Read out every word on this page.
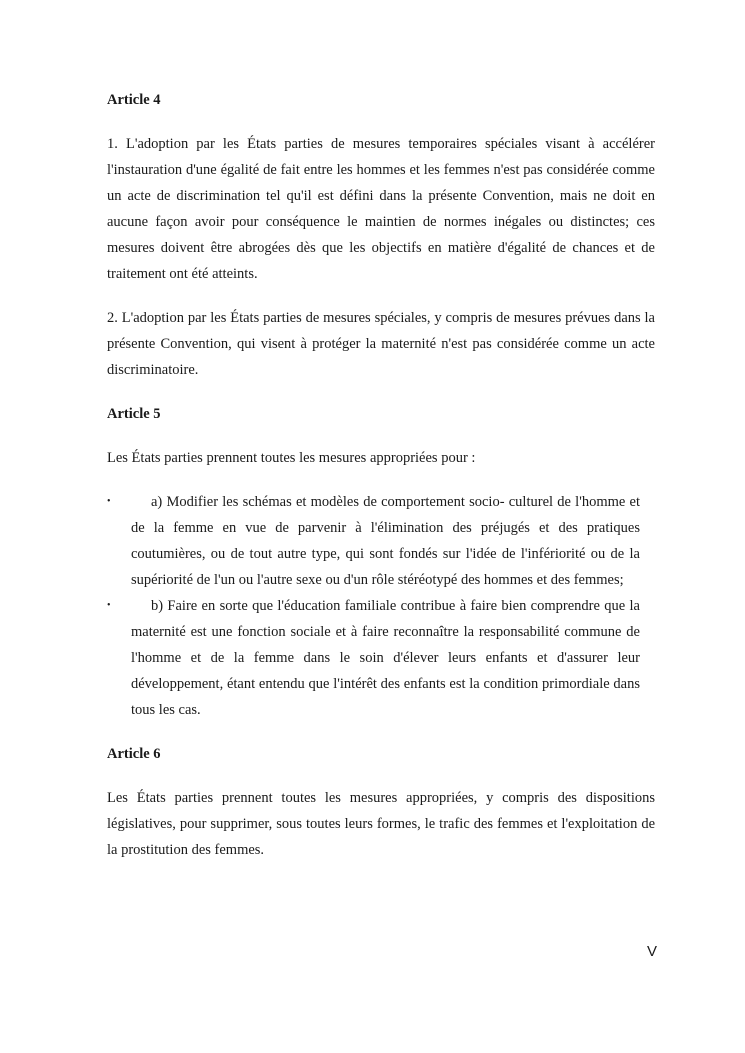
Article 4

1. L'adoption par les États parties de mesures temporaires spéciales visant à accélérer l'instauration d'une égalité de fait entre les hommes et les femmes n'est pas considérée comme un acte de discrimination tel qu'il est défini dans la présente Convention, mais ne doit en aucune façon avoir pour conséquence le maintien de normes inégales ou distinctes; ces mesures doivent être abrogées dès que les objectifs en matière d'égalité de chances et de traitement ont été atteints.

2. L'adoption par les États parties de mesures spéciales, y compris de mesures prévues dans la présente Convention, qui visent à protéger la maternité n'est pas considérée comme un acte discriminatoire.

Article 5

Les États parties prennent toutes les mesures appropriées pour :

•	a) Modifier les schémas et modèles de comportement socio- culturel de l'homme et de la femme en vue de parvenir à l'élimination des préjugés et des pratiques coutumières, ou de tout autre type, qui sont fondés sur l'idée de l'infériorité ou de la supériorité de l'un ou l'autre sexe ou d'un rôle stéréotypé des hommes et des femmes;
•	b) Faire en sorte que l'éducation familiale contribue à faire bien comprendre que la maternité est une fonction sociale et à faire reconnaître la responsabilité commune de l'homme et de la femme dans le soin d'élever leurs enfants et d'assurer leur développement, étant entendu que l'intérêt des enfants est la condition primordiale dans tous les cas.
Article 6

Les États parties prennent toutes les mesures appropriées, y compris des dispositions législatives, pour supprimer, sous toutes leurs formes, le trafic des femmes et l'exploitation de la prostitution des femmes.

V
